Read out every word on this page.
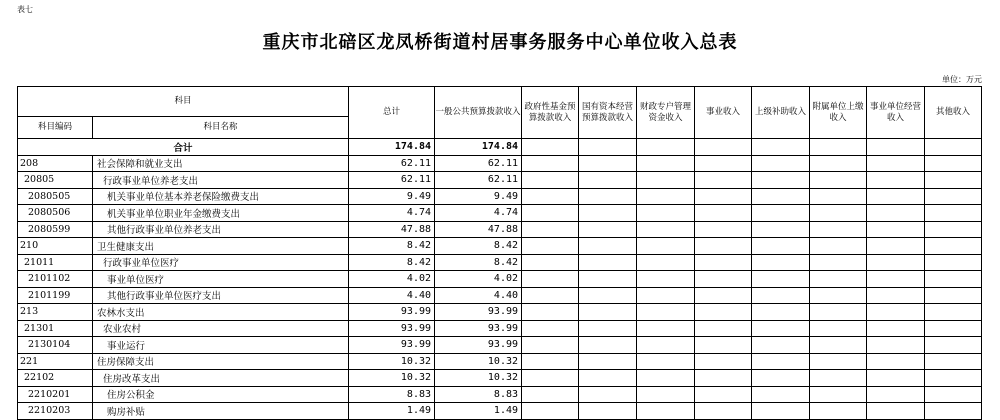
表七
重庆市北碚区龙凤桥街道村居事务服务中心单位收入总表
单位：万元
科目		总计	一般公共预算拨款收入	政府性基金预算拨款收入	国有资本经营预算拨款收入	财政专户管理资金收入	事业收入	上级补助收入	附属单位上缴收入	事业单位经营收入	其他收入
科目编码	科目名称										
合计		174.84	174.84								
208	社会保障和就业支出	62.11	62.11								
20805	行政事业单位养老支出	62.11	62.11								
2080505	机关事业单位基本养老保险缴费支出	9.49	9.49								
2080506	机关事业单位职业年金缴费支出	4.74	4.74								
2080599	其他行政事业单位养老支出	47.88	47.88								
210	卫生健康支出	8.42	8.42								
21011	行政事业单位医疗	8.42	8.42								
2101102	事业单位医疗	4.02	4.02								
2101199	其他行政事业单位医疗支出	4.40	4.40								
213	农林水支出	93.99	93.99								
21301	农业农村	93.99	93.99								
2130104	事业运行	93.99	93.99								
221	住房保障支出	10.32	10.32								
22102	住房改革支出	10.32	10.32								
2210201	住房公积金	8.83	8.83								
2210203	购房补贴	1.49	1.49								
